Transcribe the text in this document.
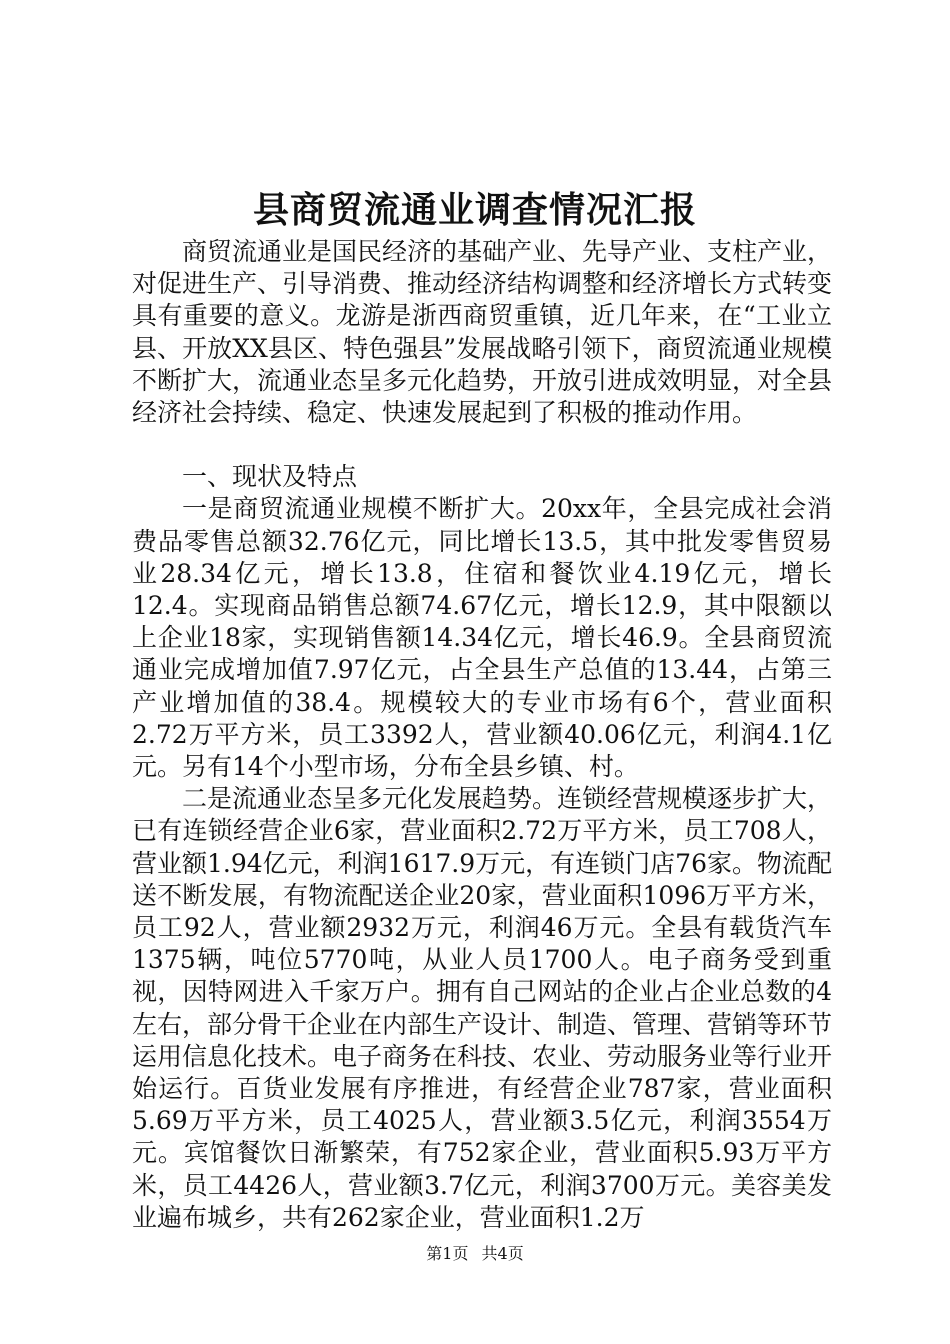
县商贸流通业调查情况汇报

商贸流通业是国民经济的基础产业、先导产业、支柱产业，对促进生产、引导消费、推动经济结构调整和经济增长方式转变具有重要的意义。龙游是浙西商贸重镇，近几年来，在“工业立县、开放XX县区、特色强县”发展战略引领下，商贸流通业规模不断扩大，流通业态呈多元化趋势，开放引进成效明显，对全县经济社会持续、稳定、快速发展起到了积极的推动作用。

一、现状及特点

一是商贸流通业规模不断扩大。20xx年，全县完成社会消费品零售总额32.76亿元，同比增长13.5，其中批发零售贸易业28.34亿元，增长13.8，住宿和餐饮业4.19亿元，增长12.4。实现商品销售总额74.67亿元，增长12.9，其中限额以上企业18家，实现销售额14.34亿元，增长46.9。全县商贸流通业完成增加值7.97亿元，占全县生产总值的13.44，占第三产业增加值的38.4。规模较大的专业市场有6个，营业面积2.72万平方米，员工3392人，营业额40.06亿元，利润4.1亿元。另有14个小型市场，分布全县乡镇、村。

二是流通业态呈多元化发展趋势。连锁经营规模逐步扩大，已有连锁经营企业6家，营业面积2.72万平方米，员工708人，营业额1.94亿元，利润1617.9万元，有连锁门店76家。物流配送不断发展，有物流配送企业20家，营业面积1096万平方米，员工92人，营业额2932万元，利润46万元。全县有载货汽车1375辆，吨位5770吨，从业人员1700人。电子商务受到重视，因特网进入千家万户。拥有自己网站的企业占企业总数的4左右，部分骨干企业在内部生产设计、制造、管理、营销等环节运用信息化技术。电子商务在科技、农业、劳动服务业等行业开始运行。百货业发展有序推进，有经营企业787家，营业面积5.69万平方米，员工4025人，营业额3.5亿元，利润3554万元。宾馆餐饮日渐繁荣，有752家企业，营业面积5.93万平方米，员工4426人，营业额3.7亿元，利润3700万元。美容美发业遍布城乡，共有262家企业，营业面积1.2万

第1页 共4页
